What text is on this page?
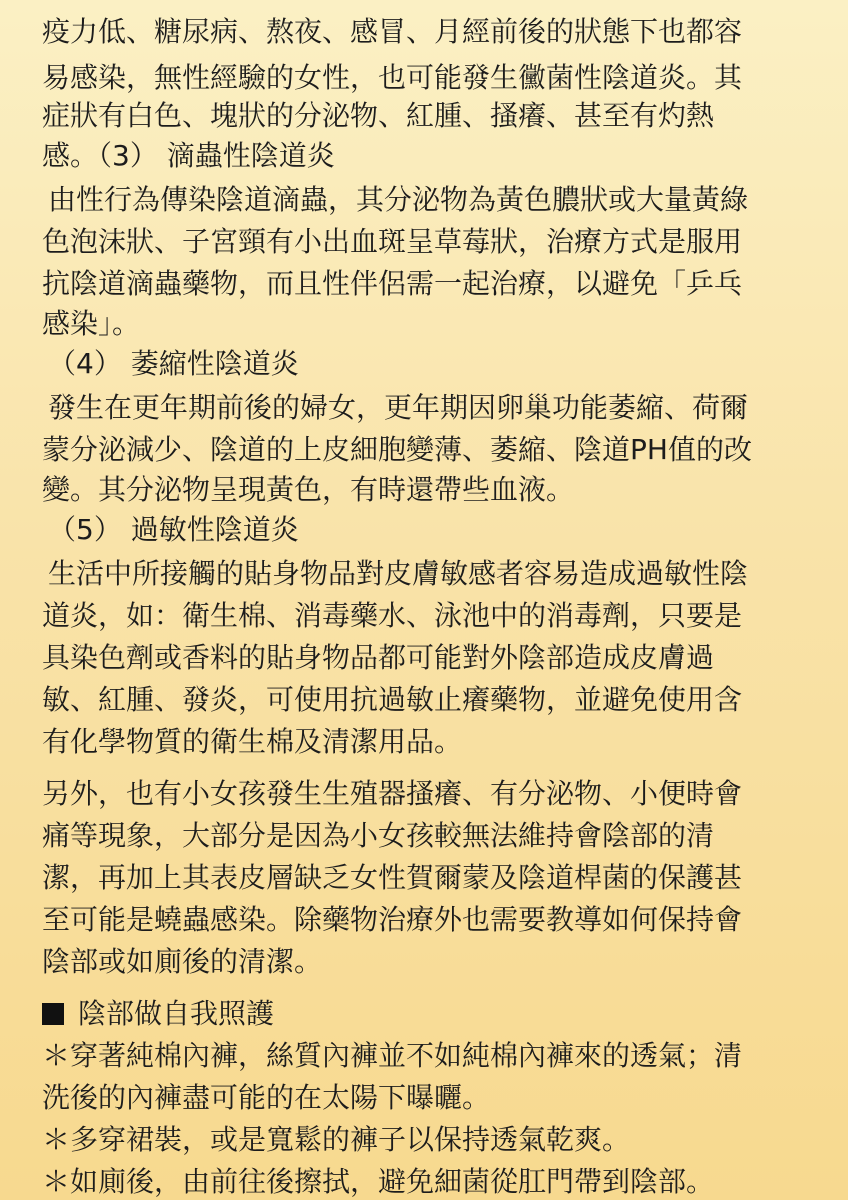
疫力低、糖尿病、熬夜、感冒、月經前後的狀態下也都容

易感染，無性經驗的女性，也可能發生黴菌性陰道炎。其

症狀有白色、塊狀的分泌物、紅腫、搔癢、甚至有灼熱

感。（3） 滴蟲性陰道炎

由性行為傳染陰道滴蟲，其分泌物為黃色膿狀或大量黃綠

色泡沫狀、子宮頸有小出血斑呈草莓狀，治療方式是服用

抗陰道滴蟲藥物，而且性伴侶需一起治療，以避免「乒乓

感染」。

（4） 萎縮性陰道炎

發生在更年期前後的婦女，更年期因卵巢功能萎縮、荷爾

蒙分泌減少、陰道的上皮細胞變薄、萎縮、陰道PH值的改

變。其分泌物呈現黃色，有時還帶些血液。

（5） 過敏性陰道炎

生活中所接觸的貼身物品對皮膚敏感者容易造成過敏性陰

道炎，如：衛生棉、消毒藥水、泳池中的消毒劑，只要是

具染色劑或香料的貼身物品都可能對外陰部造成皮膚過

敏、紅腫、發炎，可使用抗過敏止癢藥物，並避免使用含

有化學物質的衛生棉及清潔用品。

另外，也有小女孩發生生殖器搔癢、有分泌物、小便時會

痛等現象，大部分是因為小女孩較無法維持會陰部的清

潔，再加上其表皮層缺乏女性賀爾蒙及陰道桿菌的保護甚

至可能是蟯蟲感染。除藥物治療外也需要教導如何保持會

陰部或如廁後的清潔。

陰部做自我照護

＊穿著純棉內褲，絲質內褲並不如純棉內褲來的透氣；清

洗後的內褲盡可能的在太陽下曝曬。

＊多穿裙裝，或是寬鬆的褲子以保持透氣乾爽。

＊如廁後，由前往後擦拭，避免細菌從肛門帶到陰部。
